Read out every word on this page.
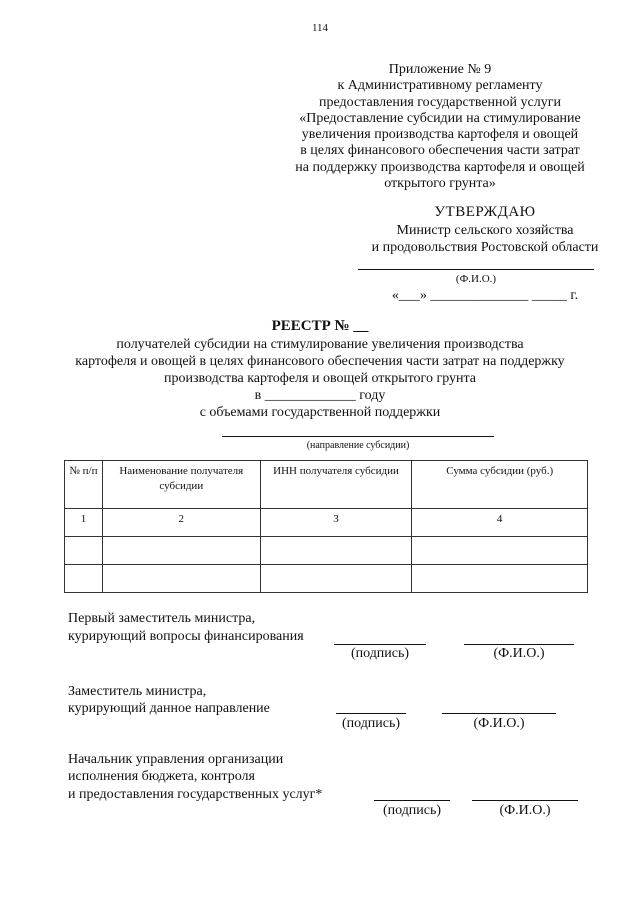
114
Приложение № 9
к Административному регламенту
предоставления государственной услуги
«Предоставление субсидии на стимулирование
увеличения производства картофеля и овощей
в целях финансового обеспечения части затрат
на поддержку производства картофеля и овощей
открытого грунта»
УТВЕРЖДАЮ
Министр сельского хозяйства
и продовольствия Ростовской области
(Ф.И.О.)
«___» ______________ _____ г.
РЕЕСТР № __
получателей субсидии на стимулирование увеличения производства
картофеля и овощей в целях финансового обеспечения части затрат на поддержку
производства картофеля и овощей открытого грунта
в _____________ году
с объемами государственной поддержки
(направление субсидии)
№ п/п	Наименование получателя субсидии	ИНН получателя субсидии	Сумма субсидии (руб.)
1	2	3	4

Первый заместитель министра,
курирующий вопросы финансирования
(подпись)	(Ф.И.О.)
Заместитель министра,
курирующий данное направление
(подпись)	(Ф.И.О.)
Начальник управления организации
исполнения бюджета, контроля
и предоставления государственных услуг*
(подпись)	(Ф.И.О.)
